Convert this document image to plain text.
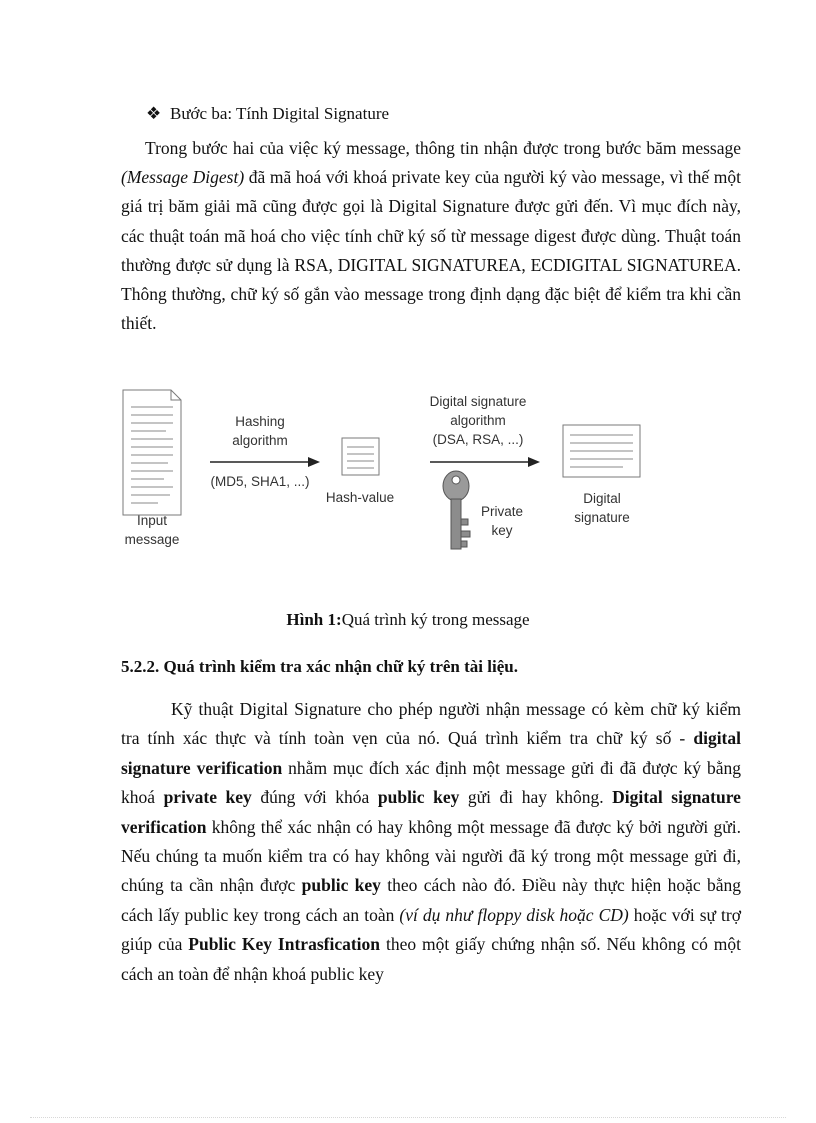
❖ Bước ba: Tính Digital Signature

Trong bước hai của việc ký message, thông tin nhận được trong bước băm message (Message Digest) đã mã hoá với khoá private key của người ký vào message, vì thế một giá trị băm giải mã cũng được gọi là Digital Signature được gửi đến. Vì mục đích này, các thuật toán mã hoá cho việc tính chữ ký số từ message digest được dùng. Thuật toán thường được sử dụng là RSA, DIGITAL SIGNATUREA, ECDIGITAL SIGNATUREA. Thông thường, chữ ký số gắn vào message trong định dạng đặc biệt để kiểm tra khi cần thiết.

Input
message
Hashing
algorithm
(MD5, SHA1, ...)
Hash-value
Digital signature
algorithm
(DSA, RSA, ...)
Private
key
Digital
signature
Hình 1:Quá trình ký trong message
5.2.2. Quá trình kiểm tra xác nhận chữ ký trên tài liệu.

Kỹ thuật Digital Signature cho phép người nhận message có kèm chữ ký kiểm tra tính xác thực và tính toàn vẹn của nó. Quá trình kiểm tra chữ ký số - digital signature verification nhằm mục đích xác định một message gửi đi đã được ký bằng khoá private key đúng với khóa public key gửi đi hay không. Digital signature verification không thể xác nhận có hay không một message đã được ký bởi người gửi. Nếu chúng ta muốn kiểm tra có hay không vài người đã ký trong một message gửi đi, chúng ta cần nhận được public key theo cách nào đó. Điều này thực hiện hoặc bằng cách lấy public key trong cách an toàn (ví dụ như floppy disk hoặc CD) hoặc với sự trợ giúp của Public Key Intrasfication theo một giấy chứng nhận số. Nếu không có một cách an toàn để nhận khoá public key
